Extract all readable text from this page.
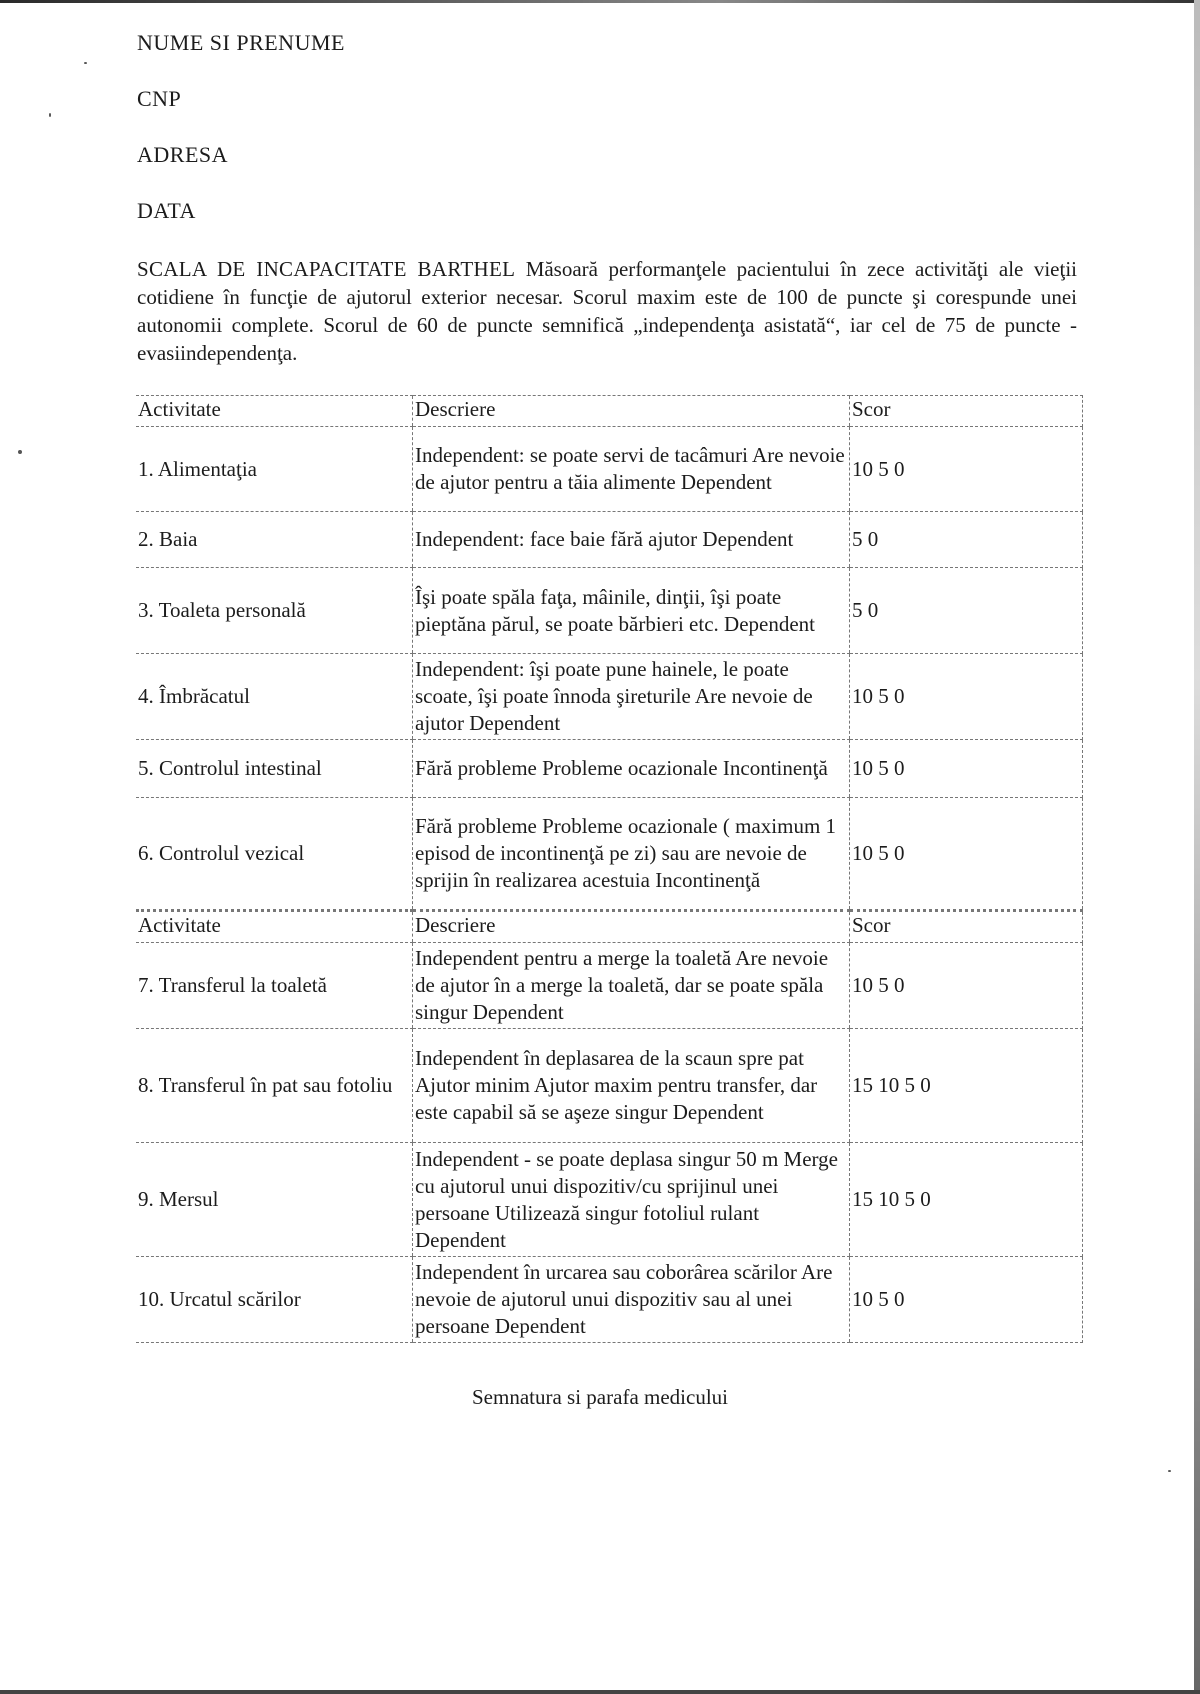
NUME SI PRENUME
CNP
ADRESA
DATA

SCALA DE INCAPACITATE BARTHEL Măsoară performanţele pacientului în zece activităţi ale vieţii cotidiene în funcţie de ajutorul exterior necesar. Scorul maxim este de 100 de puncte şi corespunde unei autonomii complete. Scorul de 60 de puncte semnifică „independenţa asistată“, iar cel de 75 de puncte - evasiindependenţa.

Activitate	Descriere	Scor
1. Alimentaţia	Independent: se poate servi de tacâmuri Are nevoie de ajutor pentru a tăia alimente Dependent	10 5 0
2. Baia	Independent: face baie fără ajutor Dependent	5 0
3. Toaleta personală	Îşi poate spăla faţa, mâinile, dinţii, îşi poate pieptăna părul, se poate bărbieri etc. Dependent	5 0
4. Îmbrăcatul	Independent: îşi poate pune hainele, le poate scoate, îşi poate înnoda şireturile Are nevoie de ajutor Dependent	10 5 0
5. Controlul intestinal	Fără probleme Probleme ocazionale Incontinenţă	10 5 0
6. Controlul vezical	Fără probleme Probleme ocazionale ( maximum 1 episod de incontinenţă pe zi) sau are nevoie de sprijin în realizarea acestuia Incontinenţă	10 5 0
Activitate	Descriere	Scor
7. Transferul la toaletă	Independent pentru a merge la toaletă Are nevoie de ajutor în a merge la toaletă, dar se poate spăla singur Dependent	10 5 0
8. Transferul în pat sau fotoliu	Independent în deplasarea de la scaun spre pat Ajutor minim Ajutor maxim pentru transfer, dar este capabil să se aşeze singur Dependent	15 10 5 0
9. Mersul	Independent - se poate deplasa singur 50 m Merge cu ajutorul unui dispozitiv/cu sprijinul unei persoane Utilizează singur fotoliul rulant Dependent	15 10 5 0
10. Urcatul scărilor	Independent în urcarea sau coborârea scărilor Are nevoie de ajutorul unui dispozitiv sau al unei persoane Dependent	10 5 0
Semnatura si parafa medicului
